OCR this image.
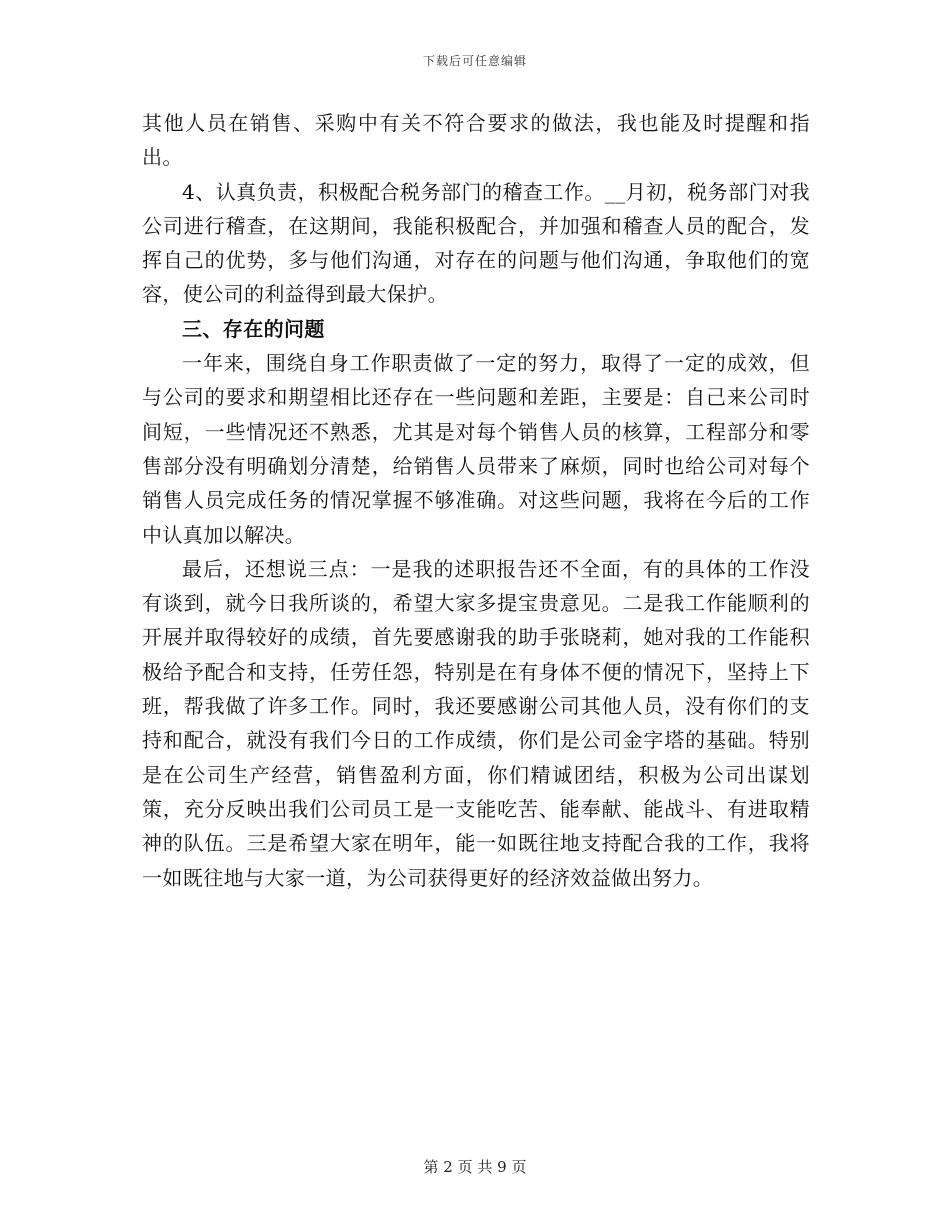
下载后可任意编辑

其他人员在销售、采购中有关不符合要求的做法，我也能及时提醒和指出。

4、认真负责，积极配合税务部门的稽查工作。__月初，税务部门对我公司进行稽查，在这期间，我能积极配合，并加强和稽查人员的配合，发挥自己的优势，多与他们沟通，对存在的问题与他们沟通，争取他们的宽容，使公司的利益得到最大保护。

三、存在的问题

一年来，围绕自身工作职责做了一定的努力，取得了一定的成效，但与公司的要求和期望相比还存在一些问题和差距，主要是：自己来公司时间短，一些情况还不熟悉，尤其是对每个销售人员的核算，工程部分和零售部分没有明确划分清楚，给销售人员带来了麻烦，同时也给公司对每个销售人员完成任务的情况掌握不够准确。对这些问题，我将在今后的工作中认真加以解决。

最后，还想说三点：一是我的述职报告还不全面，有的具体的工作没有谈到，就今日我所谈的，希望大家多提宝贵意见。二是我工作能顺利的开展并取得较好的成绩，首先要感谢我的助手张晓莉，她对我的工作能积极给予配合和支持，任劳任怨，特别是在有身体不便的情况下，坚持上下班，帮我做了许多工作。同时，我还要感谢公司其他人员，没有你们的支持和配合，就没有我们今日的工作成绩，你们是公司金字塔的基础。特别是在公司生产经营，销售盈利方面，你们精诚团结，积极为公司出谋划策，充分反映出我们公司员工是一支能吃苦、能奉献、能战斗、有进取精神的队伍。三是希望大家在明年，能一如既往地支持配合我的工作，我将一如既往地与大家一道，为公司获得更好的经济效益做出努力。

第 2 页 共 9 页
